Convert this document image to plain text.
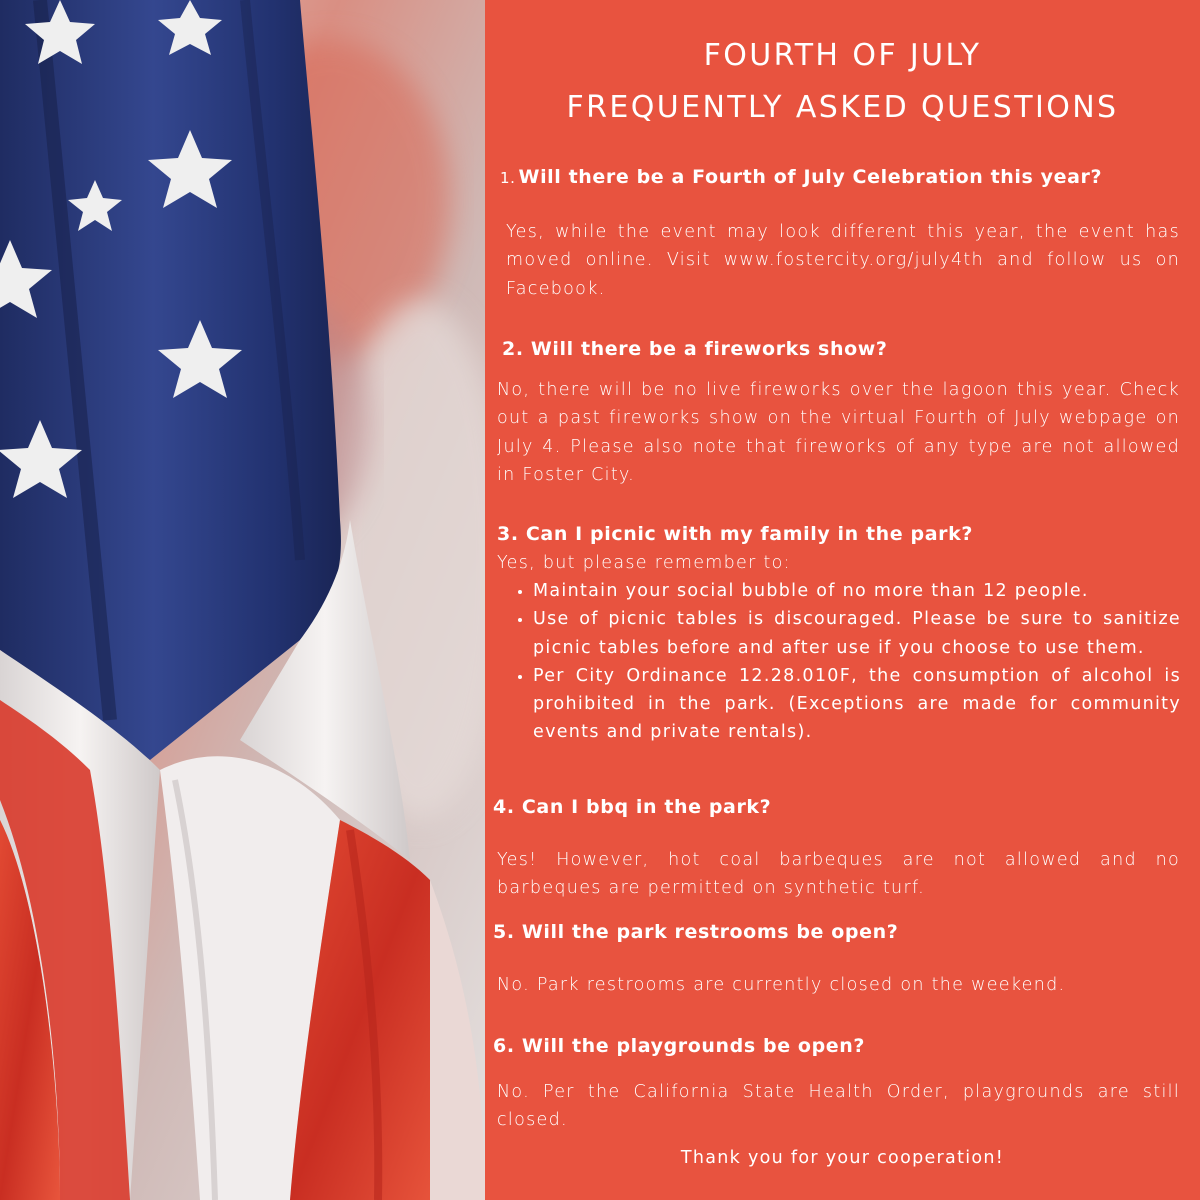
FOURTH OF JULY
FREQUENTLY ASKED QUESTIONS

1. Will there be a Fourth of July Celebration this year?

Yes, while the event may look different this year, the event has moved online. Visit www.fostercity.org/july4th and follow us on Facebook.

2. Will there be a fireworks show?

No, there will be no live fireworks over the lagoon this year. Check out a past fireworks show on the virtual Fourth of July webpage on July 4. Please also note that fireworks of any type are not allowed in Foster City.

3. Can I picnic with my family in the park?

Yes, but please remember to:

• Maintain your social bubble of no more than 12 people.
• Use of picnic tables is discouraged. Please be sure to sanitize picnic tables before and after use if you choose to use them.
• Per City Ordinance 12.28.010F, the consumption of alcohol is prohibited in the park. (Exceptions are made for community events and private rentals).

4. Can I bbq in the park?

Yes! However, hot coal barbeques are not allowed and no barbeques are permitted on synthetic turf.

5. Will the park restrooms be open?

No. Park restrooms are currently closed on the weekend.

6. Will the playgrounds be open?

No. Per the California State Health Order, playgrounds are still closed.

Thank you for your cooperation!
